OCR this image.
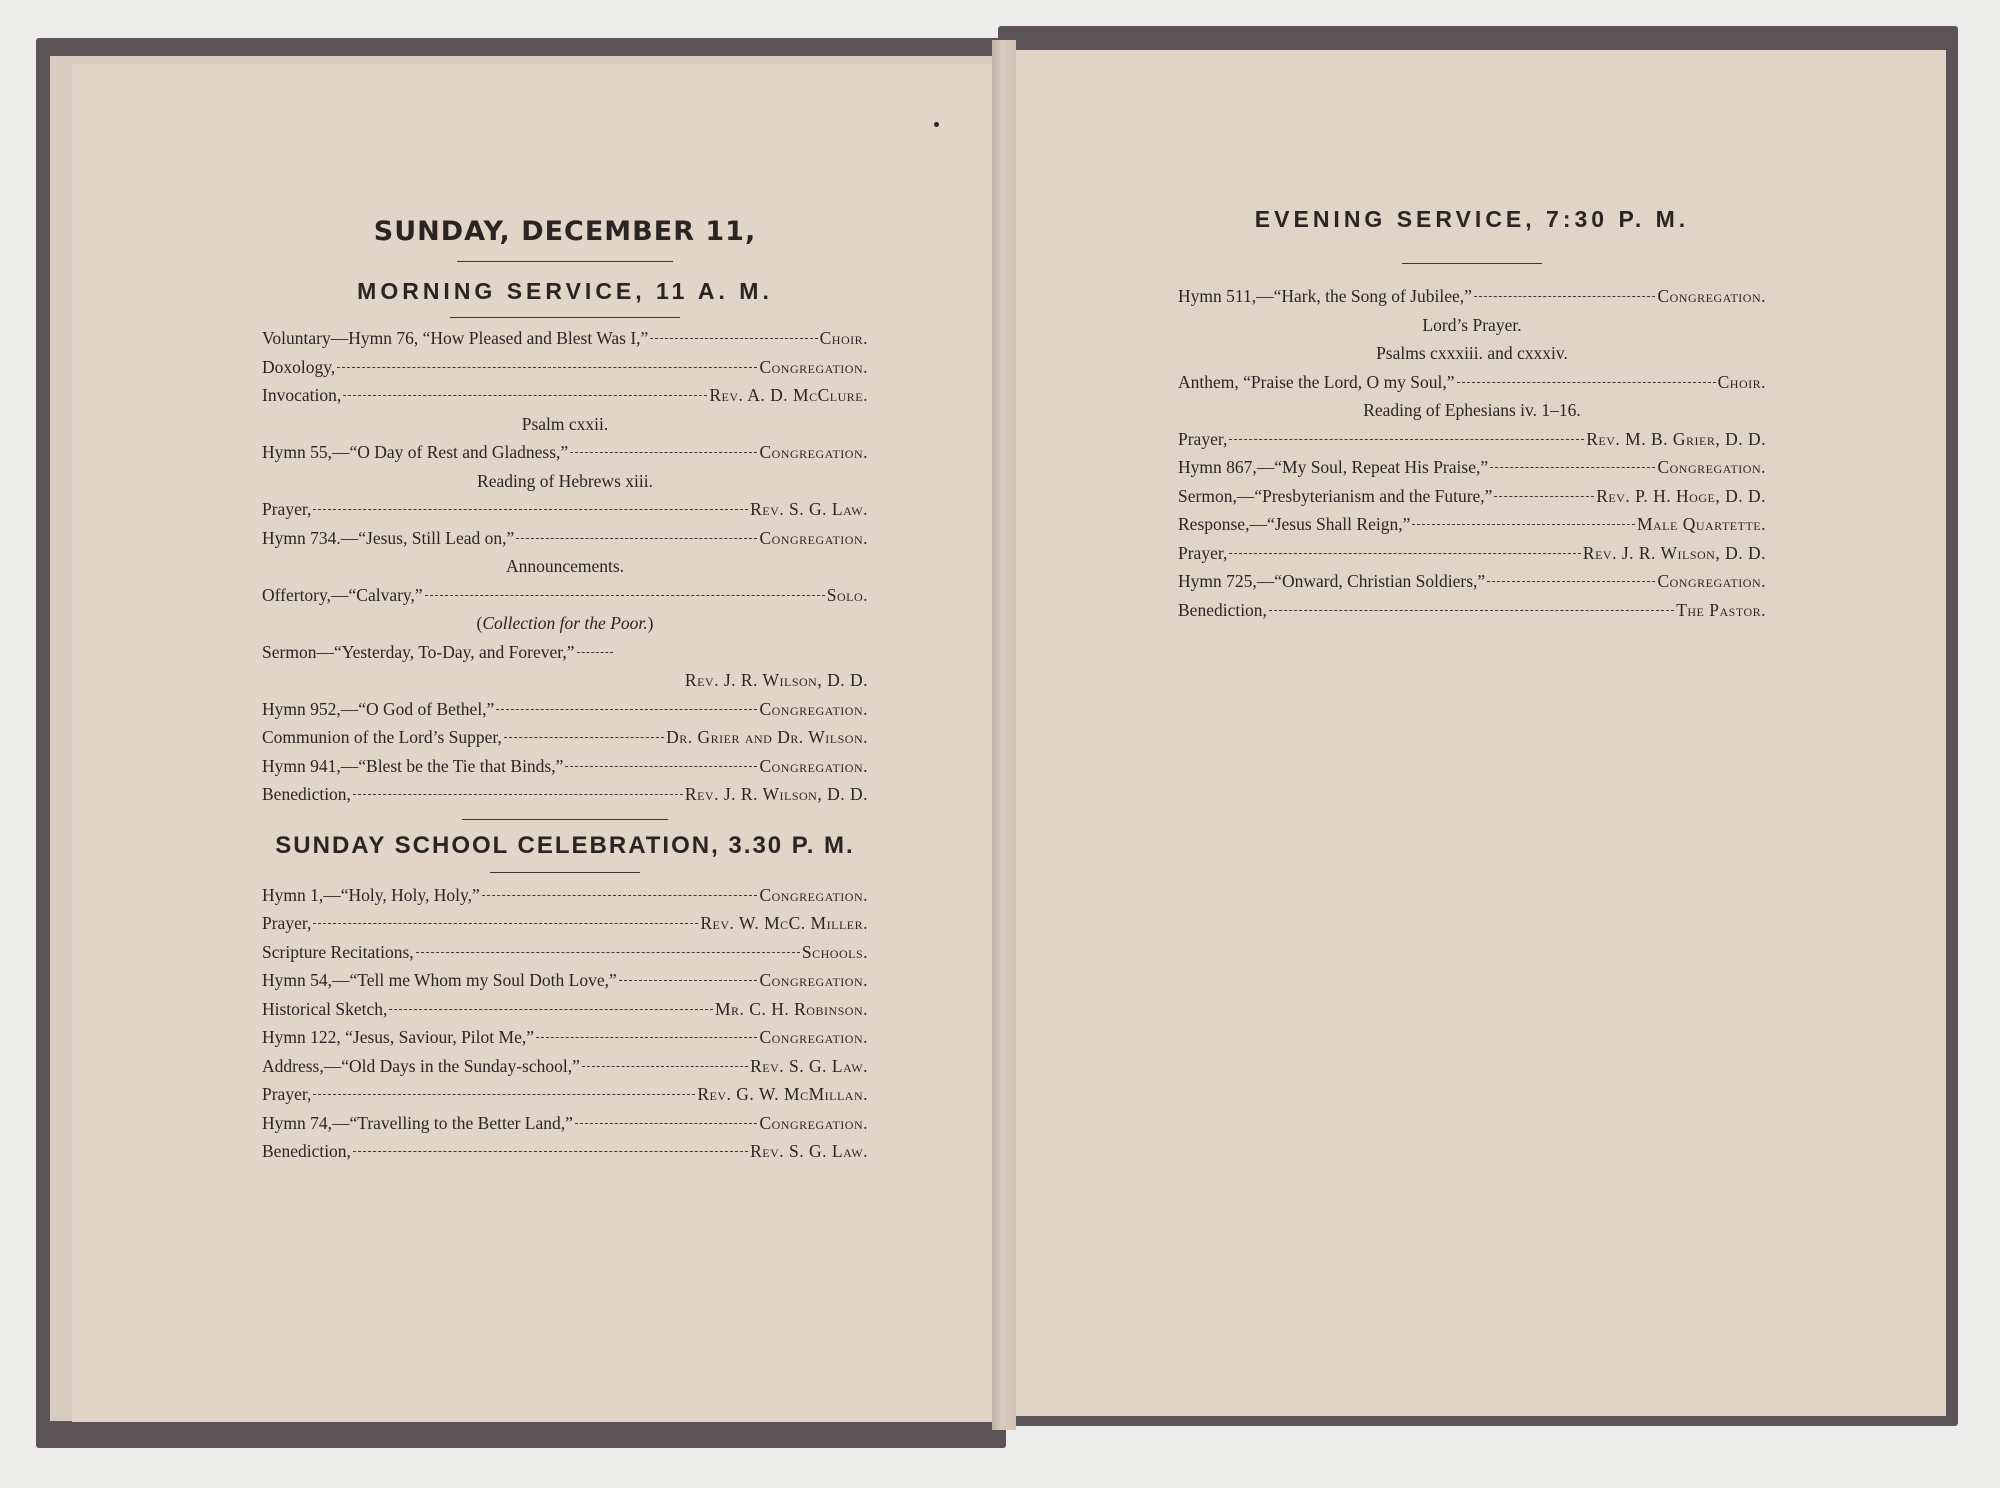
SUNDAY, DECEMBER 11,
MORNING SERVICE, 11 A. M.
Voluntary—Hymn 76, “How Pleased and Blest Was I,”	Choir.
Doxology,	Congregation.
Invocation,	Rev. A. D. McClure.
Psalm cxxii.
Hymn 55,—“O Day of Rest and Gladness,”	Congregation.
Reading of Hebrews xiii.
Prayer,	Rev. S. G. Law.
Hymn 734.—“Jesus, Still Lead on,”	Congregation.
Announcements.
Offertory,—“Calvary,”	Solo.
(Collection for the Poor.)
Sermon—“Yesterday, To-Day, and Forever,”
Rev. J. R. Wilson, D. D.
Hymn 952,—“O God of Bethel,”	Congregation.
Communion of the Lord’s Supper,	Dr. Grier and Dr. Wilson.
Hymn 941,—“Blest be the Tie that Binds,”	Congregation.
Benediction,	Rev. J. R. Wilson, D. D.
SUNDAY SCHOOL CELEBRATION, 3.30 P. M.
Hymn 1,—“Holy, Holy, Holy,”	Congregation.
Prayer,	Rev. W. McC. Miller.
Scripture Recitations,	Schools.
Hymn 54,—“Tell me Whom my Soul Doth Love,”	Congregation.
Historical Sketch,	Mr. C. H. Robinson.
Hymn 122, “Jesus, Saviour, Pilot Me,”	Congregation.
Address,—“Old Days in the Sunday-school,”	Rev. S. G. Law.
Prayer,	Rev. G. W. McMillan.
Hymn 74,—“Travelling to the Better Land,”	Congregation.
Benediction,	Rev. S. G. Law.
EVENING SERVICE, 7:30 P. M.
Hymn 511,—“Hark, the Song of Jubilee,”	Congregation.
Lord’s Prayer.
Psalms cxxxiii. and cxxxiv.
Anthem, “Praise the Lord, O my Soul,”	Choir.
Reading of Ephesians iv. 1–16.
Prayer,	Rev. M. B. Grier, D. D.
Hymn 867,—“My Soul, Repeat His Praise,”	Congregation.
Sermon,—“Presbyterianism and the Future,”	Rev. P. H. Hoge, D. D.
Response,—“Jesus Shall Reign,”	Male Quartette.
Prayer,	Rev. J. R. Wilson, D. D.
Hymn 725,—“Onward, Christian Soldiers,”	Congregation.
Benediction,	The Pastor.
